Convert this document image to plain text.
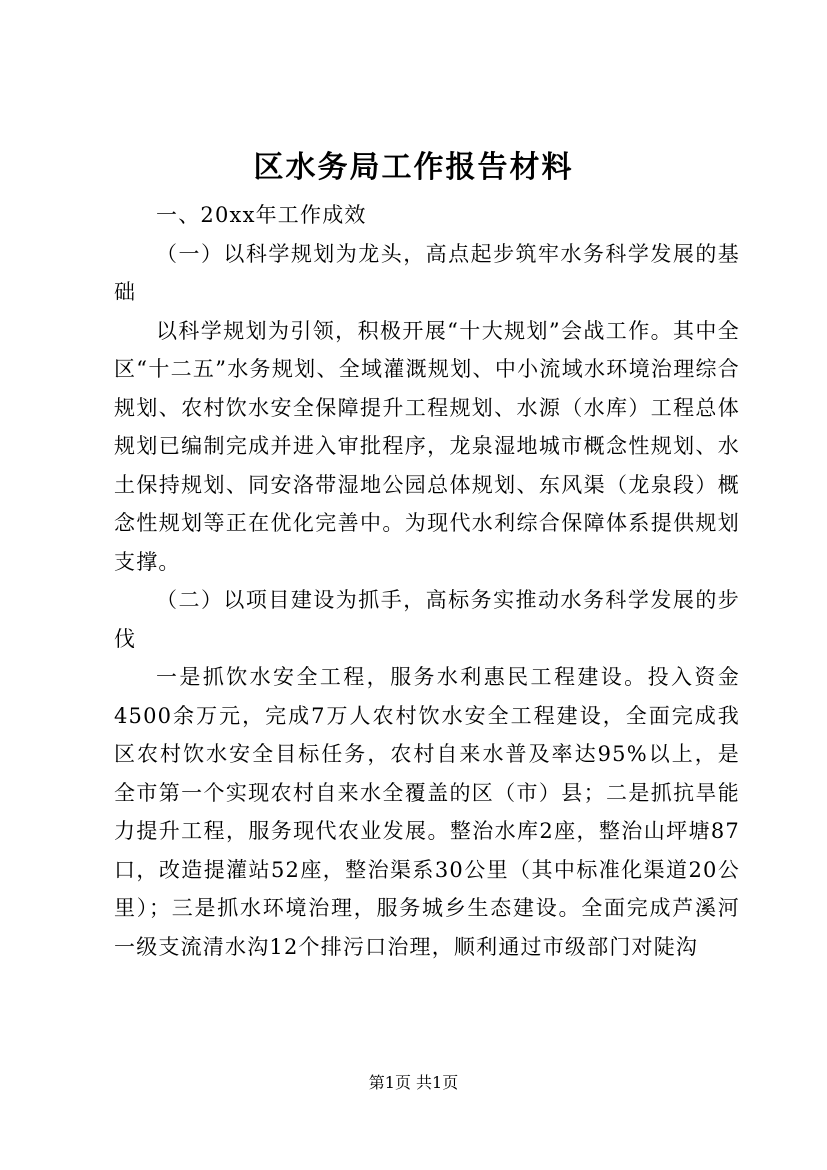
区水务局工作报告材料

一、20xx年工作成效

（一）以科学规划为龙头，高点起步筑牢水务科学发展的基础

以科学规划为引领，积极开展“十大规划”会战工作。其中全区“十二五”水务规划、全域灌溉规划、中小流域水环境治理综合规划、农村饮水安全保障提升工程规划、水源（水库）工程总体规划已编制完成并进入审批程序，龙泉湿地城市概念性规划、水土保持规划、同安洛带湿地公园总体规划、东风渠（龙泉段）概念性规划等正在优化完善中。为现代水利综合保障体系提供规划支撑。

（二）以项目建设为抓手，高标务实推动水务科学发展的步伐

一是抓饮水安全工程，服务水利惠民工程建设。投入资金4500余万元，完成7万人农村饮水安全工程建设，全面完成我区农村饮水安全目标任务，农村自来水普及率达95%以上，是全市第一个实现农村自来水全覆盖的区（市）县；二是抓抗旱能力提升工程，服务现代农业发展。整治水库2座，整治山坪塘87口，改造提灌站52座，整治渠系30公里（其中标准化渠道20公里）；三是抓水环境治理，服务城乡生态建设。全面完成芦溪河一级支流清水沟12个排污口治理，顺利通过市级部门对陡沟

第1页 共1页
